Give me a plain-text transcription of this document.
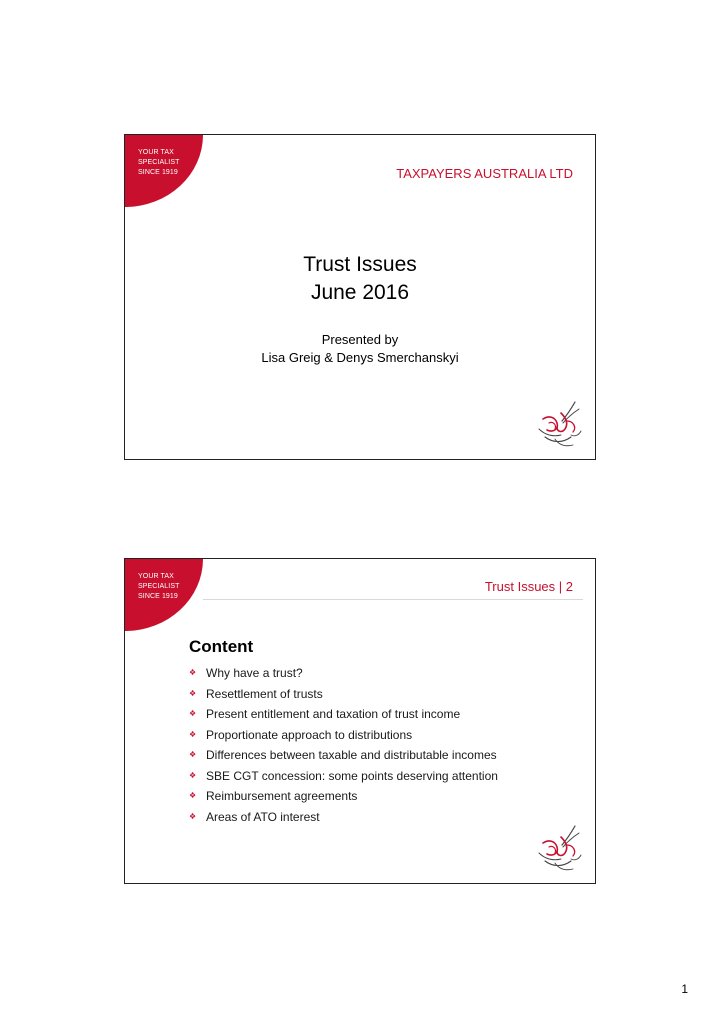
YOUR TAX
SPECIALIST
SINCE 1919	TAXPAYERS AUSTRALIA LTD
Trust Issues
June 2016
Presented by
Lisa Greig & Denys Smerchanskyi
YOUR TAX
SPECIALIST
SINCE 1919
Trust Issues | 2
Content
❖ Why have a trust?
❖ Resettlement of trusts
❖ Present entitlement and taxation of trust income
❖ Proportionate approach to distributions
❖ Differences between taxable and distributable incomes
❖ SBE CGT concession: some points deserving attention
❖ Reimbursement agreements
❖ Areas of ATO interest
1
